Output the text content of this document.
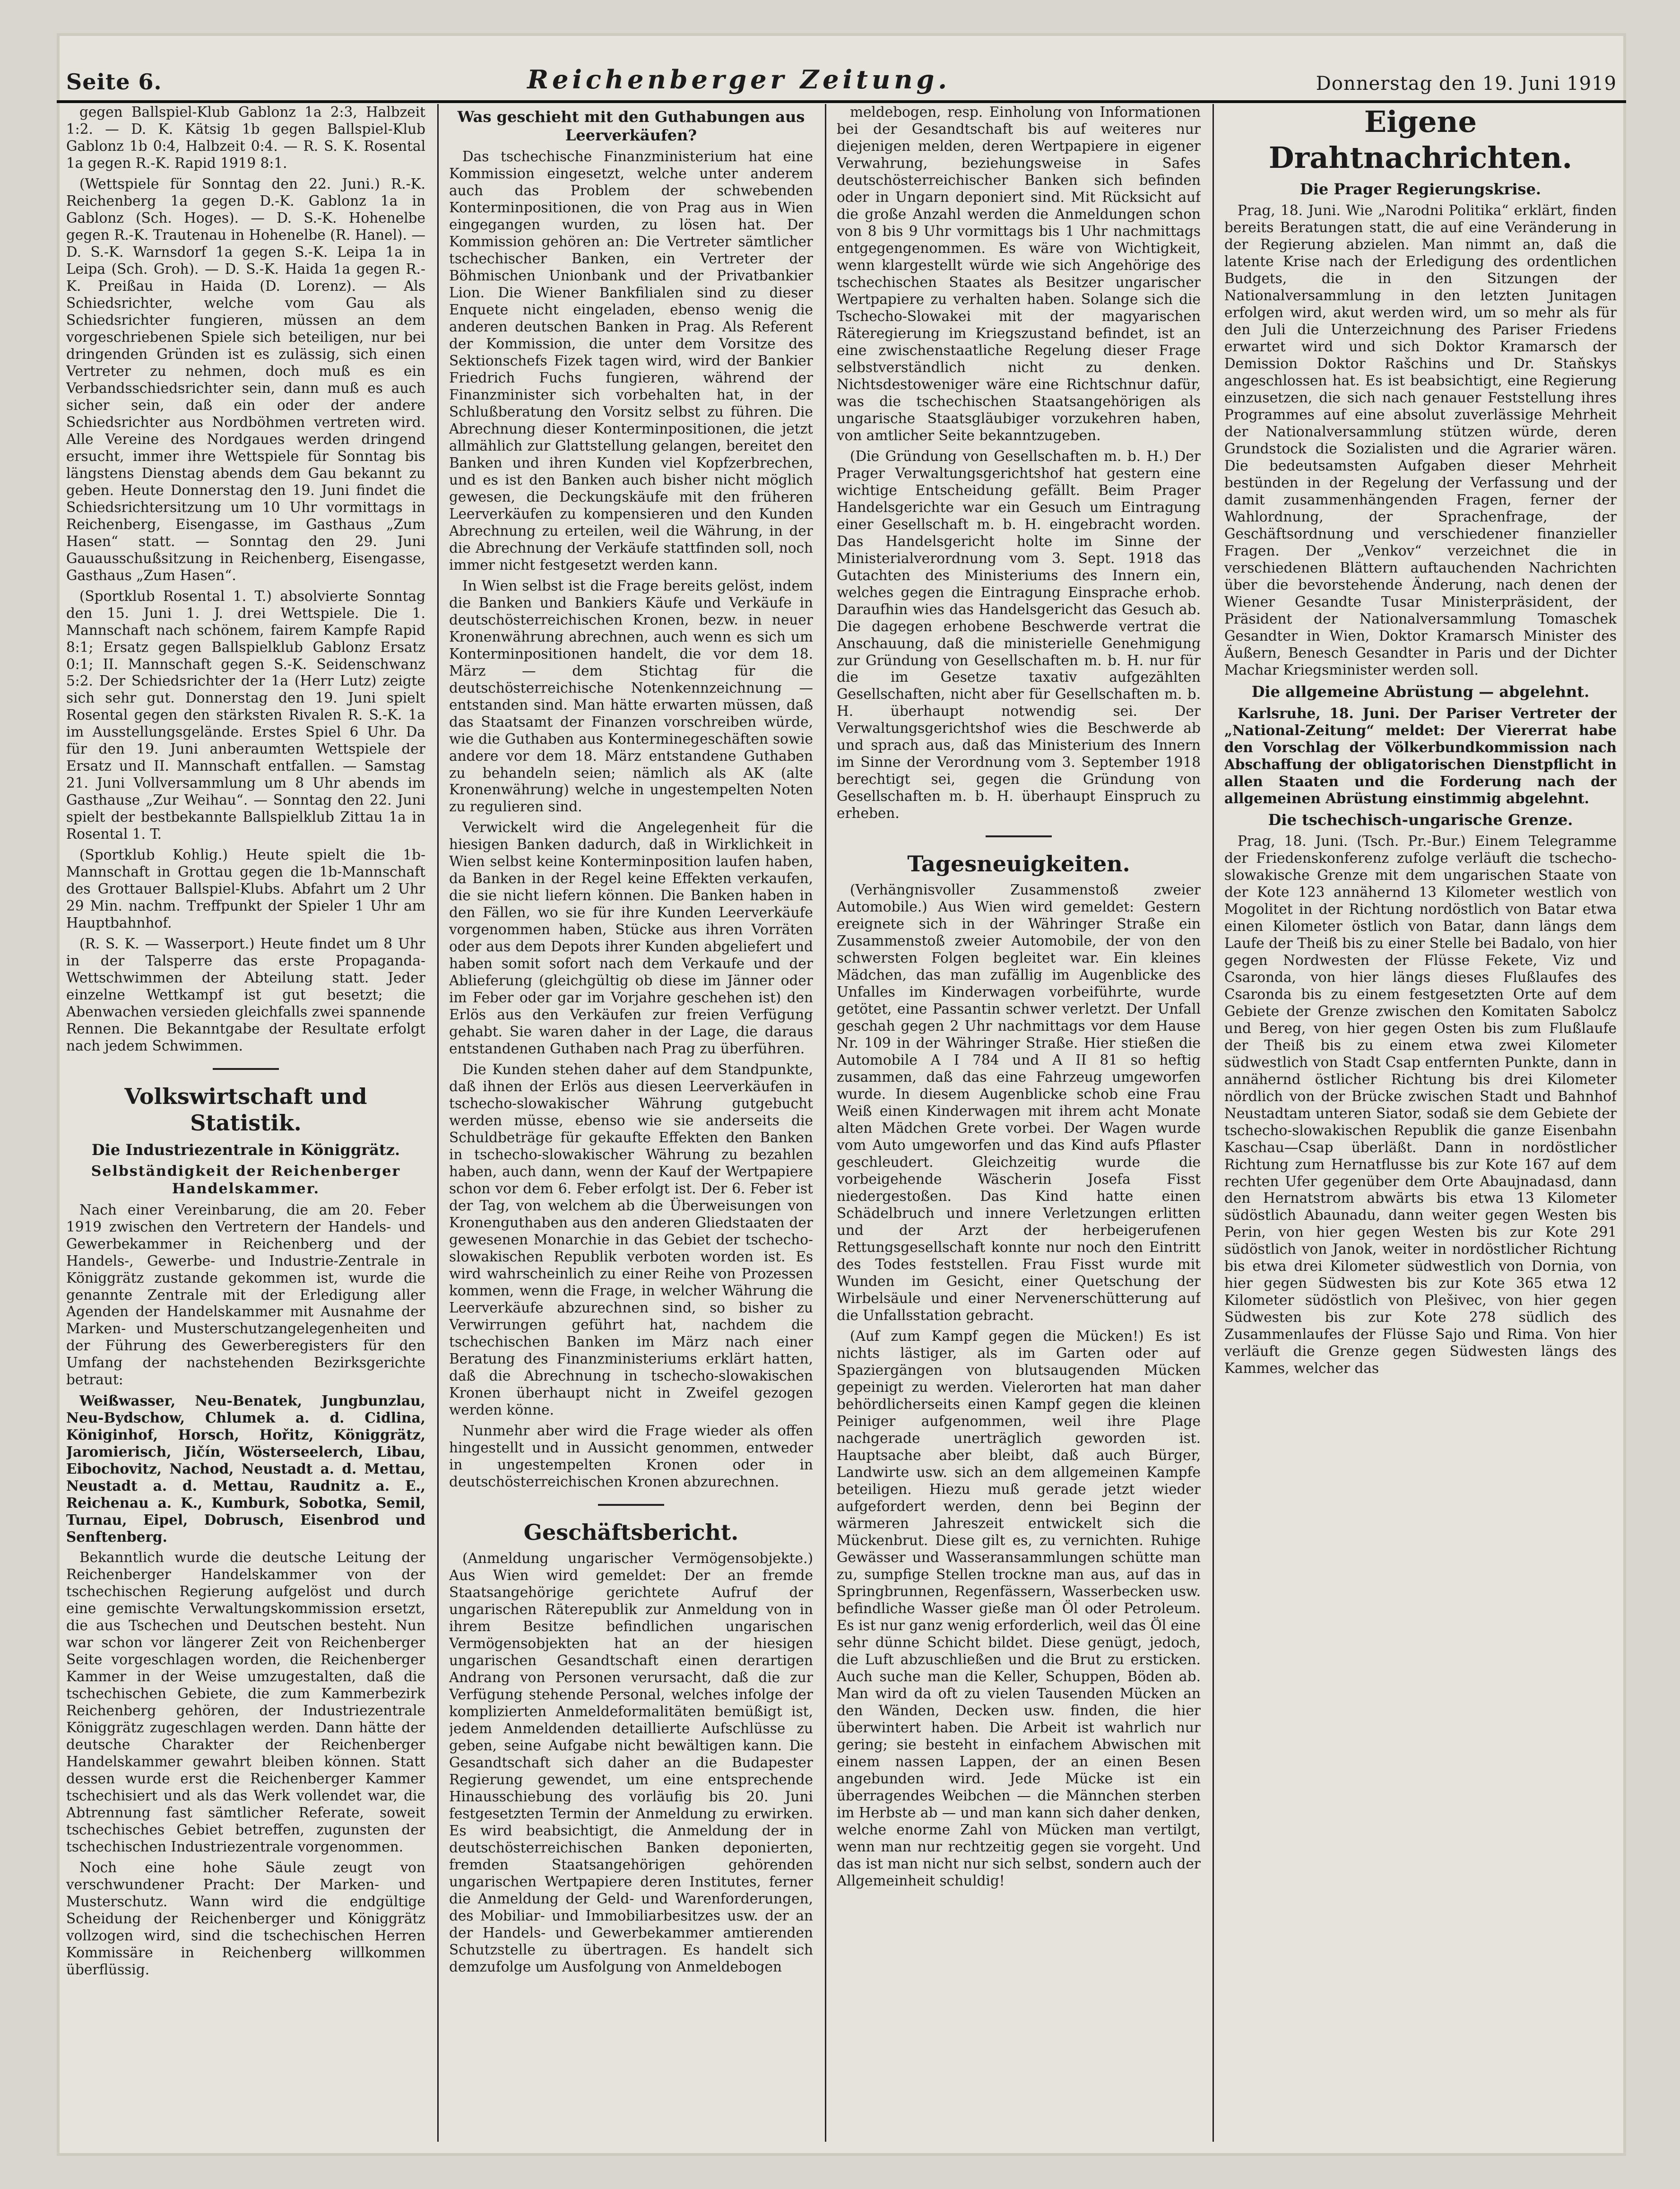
Seite 6.	Reichenberger Zeitung.	Donnerstag den 19. Juni 1919

gegen Ballspiel-Klub Gablonz 1a 2:3, Halbzeit 1:2. — D. K. Kätsig 1b gegen Ballspiel-Klub Gablonz 1b 0:4, Halbzeit 0:4. — R. S. K. Rosental 1a gegen R.-K. Rapid 1919 8:1.

(Wettspiele für Sonntag den 22. Juni.) R.-K. Reichenberg 1a gegen D.-K. Gablonz 1a in Gablonz (Sch. Hoges). — D. S.-K. Hohenelbe gegen R.-K. Trautenau in Hohenelbe (R. Hanel). — D. S.-K. Warnsdorf 1a gegen S.-K. Leipa 1a in Leipa (Sch. Groh). — D. S.-K. Haida 1a gegen R.-K. Preißau in Haida (D. Lorenz). — Als Schiedsrichter, welche vom Gau als Schiedsrichter fungieren, müssen an dem vorgeschriebenen Spiele sich beteiligen, nur bei dringenden Gründen ist es zulässig, sich einen Vertreter zu nehmen, doch muß es ein Verbandsschiedsrichter sein, dann muß es auch sicher sein, daß ein oder der andere Schiedsrichter aus Nordböhmen vertreten wird. Alle Vereine des Nordgaues werden dringend ersucht, immer ihre Wettspiele für Sonntag bis längstens Dienstag abends dem Gau bekannt zu geben. Heute Donnerstag den 19. Juni findet die Schiedsrichtersitzung um 10 Uhr vormittags in Reichenberg, Eisengasse, im Gasthaus „Zum Hasen“ statt. — Sonntag den 29. Juni Gauausschußsitzung in Reichenberg, Eisengasse, Gasthaus „Zum Hasen“.

(Sportklub Rosental 1. T.) absolvierte Sonntag den 15. Juni 1. J. drei Wettspiele. Die 1. Mannschaft nach schönem, fairem Kampfe Rapid 8:1; Ersatz gegen Ballspielklub Gablonz Ersatz 0:1; II. Mannschaft gegen S.-K. Seidenschwanz 5:2. Der Schiedsrichter der 1a (Herr Lutz) zeigte sich sehr gut. Donnerstag den 19. Juni spielt Rosental gegen den stärksten Rivalen R. S.-K. 1a im Ausstellungsgelände. Erstes Spiel 6 Uhr. Da für den 19. Juni anberaumten Wettspiele der Ersatz und II. Mannschaft entfallen. — Samstag 21. Juni Vollversammlung um 8 Uhr abends im Gasthause „Zur Weihau“. — Sonntag den 22. Juni spielt der bestbekannte Ballspielklub Zittau 1a in Rosental 1. T.

(Sportklub Kohlig.) Heute spielt die 1b-Mannschaft in Grottau gegen die 1b-Mannschaft des Grottauer Ballspiel-Klubs. Abfahrt um 2 Uhr 29 Min. nachm. Treffpunkt der Spieler 1 Uhr am Hauptbahnhof.

(R. S. K. — Wasserport.) Heute findet um 8 Uhr in der Talsperre das erste Propaganda-Wettschwimmen der Abteilung statt. Jeder einzelne Wettkampf ist gut besetzt; die Abenwachen versieden gleichfalls zwei spannende Rennen. Die Bekanntgabe der Resultate erfolgt nach jedem Schwimmen.

Volkswirtschaft und Statistik.
Die Industriezentrale in Königgrätz.
Selbständigkeit der Reichenberger Handelskammer.

Nach einer Vereinbarung, die am 20. Feber 1919 zwischen den Vertretern der Handels- und Gewerbekammer in Reichenberg und der Handels-, Gewerbe- und Industrie-Zentrale in Königgrätz zustande gekommen ist, wurde die genannte Zentrale mit der Erledigung aller Agenden der Handelskammer mit Ausnahme der Marken- und Musterschutzangelegenheiten und der Führung des Gewerberegisters für den Umfang der nachstehenden Bezirksgerichte betraut:

Weißwasser, Neu-Benatek, Jungbunzlau, Neu-Bydschow, Chlumek a. d. Cidlina, Königinhof, Horsch, Hořitz, Königgrätz, Jaromierisch, Jičín, Wösterseelerch, Libau, Eibochovitz, Nachod, Neustadt a. d. Mettau, Neustadt a. d. Mettau, Raudnitz a. E., Reichenau a. K., Kumburk, Sobotka, Semil, Turnau, Eipel, Dobrusch, Eisenbrod und Senftenberg.

Bekanntlich wurde die deutsche Leitung der Reichenberger Handelskammer von der tschechischen Regierung aufgelöst und durch eine gemischte Verwaltungskommission ersetzt, die aus Tschechen und Deutschen besteht. Nun war schon vor längerer Zeit von Reichenberger Seite vorgeschlagen worden, die Reichenberger Kammer in der Weise umzugestalten, daß die tschechischen Gebiete, die zum Kammerbezirk Reichenberg gehören, der Industriezentrale Königgrätz zugeschlagen werden. Dann hätte der deutsche Charakter der Reichenberger Handelskammer gewahrt bleiben können. Statt dessen wurde erst die Reichenberger Kammer tschechisiert und als das Werk vollendet war, die Abtrennung fast sämtlicher Referate, soweit tschechisches Gebiet betreffen, zugunsten der tschechischen Industriezentrale vorgenommen.

Noch eine hohe Säule zeugt von verschwundener Pracht: Der Marken- und Musterschutz. Wann wird die endgültige Scheidung der Reichenberger und Königgrätz vollzogen wird, sind die tschechischen Herren Kommissäre in Reichenberg willkommen überflüssig.

Was geschieht mit den Guthabungen aus Leerverkäufen?

Das tschechische Finanzministerium hat eine Kommission eingesetzt, welche unter anderem auch das Problem der schwebenden Konterminpositionen, die von Prag aus in Wien eingegangen wurden, zu lösen hat. Der Kommission gehören an: Die Vertreter sämtlicher tschechischer Banken, ein Vertreter der Böhmischen Unionbank und der Privatbankier Lion. Die Wiener Bankfilialen sind zu dieser Enquete nicht eingeladen, ebenso wenig die anderen deutschen Banken in Prag. Als Referent der Kommission, die unter dem Vorsitze des Sektionschefs Fizek tagen wird, wird der Bankier Friedrich Fuchs fungieren, während der Finanzminister sich vorbehalten hat, in der Schlußberatung den Vorsitz selbst zu führen. Die Abrechnung dieser Konterminpositionen, die jetzt allmählich zur Glattstellung gelangen, bereitet den Banken und ihren Kunden viel Kopfzerbrechen, und es ist den Banken auch bisher nicht möglich gewesen, die Deckungskäufe mit den früheren Leerverkäufen zu kompensieren und den Kunden Abrechnung zu erteilen, weil die Währung, in der die Abrechnung der Verkäufe stattfinden soll, noch immer nicht festgesetzt werden kann.

In Wien selbst ist die Frage bereits gelöst, indem die Banken und Bankiers Käufe und Verkäufe in deutschösterreichischen Kronen, bezw. in neuer Kronenwährung abrechnen, auch wenn es sich um Konterminpositionen handelt, die vor dem 18. März — dem Stichtag für die deutschösterreichische Notenkennzeichnung — entstanden sind. Man hätte erwarten müssen, daß das Staatsamt der Finanzen vorschreiben würde, wie die Guthaben aus Konterminegeschäften sowie andere vor dem 18. März entstandene Guthaben zu behandeln seien; nämlich als AK (alte Kronenwährung) welche in ungestempelten Noten zu regulieren sind.

Verwickelt wird die Angelegenheit für die hiesigen Banken dadurch, daß in Wirklichkeit in Wien selbst keine Konterminposition laufen haben, da Banken in der Regel keine Effekten verkaufen, die sie nicht liefern können. Die Banken haben in den Fällen, wo sie für ihre Kunden Leerverkäufe vorgenommen haben, Stücke aus ihren Vorräten oder aus dem Depots ihrer Kunden abgeliefert und haben somit sofort nach dem Verkaufe und der Ablieferung (gleichgültig ob diese im Jänner oder im Feber oder gar im Vorjahre geschehen ist) den Erlös aus den Verkäufen zur freien Verfügung gehabt. Sie waren daher in der Lage, die daraus entstandenen Guthaben nach Prag zu überführen.

Die Kunden stehen daher auf dem Standpunkte, daß ihnen der Erlös aus diesen Leerverkäufen in tschecho-slowakischer Währung gutgebucht werden müsse, ebenso wie sie anderseits die Schuldbeträge für gekaufte Effekten den Banken in tschecho-slowakischer Währung zu bezahlen haben, auch dann, wenn der Kauf der Wertpapiere schon vor dem 6. Feber erfolgt ist. Der 6. Feber ist der Tag, von welchem ab die Überweisungen von Kronenguthaben aus den anderen Gliedstaaten der gewesenen Monarchie in das Gebiet der tschecho-slowakischen Republik verboten worden ist. Es wird wahrscheinlich zu einer Reihe von Prozessen kommen, wenn die Frage, in welcher Währung die Leerverkäufe abzurechnen sind, so bisher zu Verwirrungen geführt hat, nachdem die tschechischen Banken im März nach einer Beratung des Finanzministeriums erklärt hatten, daß die Abrechnung in tschecho-slowakischen Kronen überhaupt nicht in Zweifel gezogen werden könne.

Nunmehr aber wird die Frage wieder als offen hingestellt und in Aussicht genommen, entweder in ungestempelten Kronen oder in deutschösterreichischen Kronen abzurechnen.

Geschäftsbericht.

(Anmeldung ungarischer Vermögensobjekte.) Aus Wien wird gemeldet: Der an fremde Staatsangehörige gerichtete Aufruf der ungarischen Räterepublik zur Anmeldung von in ihrem Besitze befindlichen ungarischen Vermögensobjekten hat an der hiesigen ungarischen Gesandtschaft einen derartigen Andrang von Personen verursacht, daß die zur Verfügung stehende Personal, welches infolge der komplizierten Anmeldeformalitäten bemüßigt ist, jedem Anmeldenden detaillierte Aufschlüsse zu geben, seine Aufgabe nicht bewältigen kann. Die Gesandtschaft sich daher an die Budapester Regierung gewendet, um eine entsprechende Hinausschiebung des vorläufig bis 20. Juni festgesetzten Termin der Anmeldung zu erwirken. Es wird beabsichtigt, die Anmeldung der in deutschösterreichischen Banken deponierten, fremden Staatsangehörigen gehörenden ungarischen Wertpapiere deren Institutes, ferner die Anmeldung der Geld- und Warenforderungen, des Mobiliar- und Immobiliarbesitzes usw. der an der Handels- und Gewerbekammer amtierenden Schutzstelle zu übertragen. Es handelt sich demzufolge um Ausfolgung von Anmeldebogen

meldebogen, resp. Einholung von Informationen bei der Gesandtschaft bis auf weiteres nur diejenigen melden, deren Wertpapiere in eigener Verwahrung, beziehungsweise in Safes deutschösterreichischer Banken sich befinden oder in Ungarn deponiert sind. Mit Rücksicht auf die große Anzahl werden die Anmeldungen schon von 8 bis 9 Uhr vormittags bis 1 Uhr nachmittags entgegengenommen. Es wäre von Wichtigkeit, wenn klargestellt würde wie sich Angehörige des tschechischen Staates als Besitzer ungarischer Wertpapiere zu verhalten haben. Solange sich die Tschecho-Slowakei mit der magyarischen Räteregierung im Kriegszustand befindet, ist an eine zwischenstaatliche Regelung dieser Frage selbstverständlich nicht zu denken. Nichtsdestoweniger wäre eine Richtschnur dafür, was die tschechischen Staatsangehörigen als ungarische Staatsgläubiger vorzukehren haben, von amtlicher Seite bekanntzugeben.

(Die Gründung von Gesellschaften m. b. H.) Der Prager Verwaltungsgerichtshof hat gestern eine wichtige Entscheidung gefällt. Beim Prager Handelsgerichte war ein Gesuch um Eintragung einer Gesellschaft m. b. H. eingebracht worden. Das Handelsgericht holte im Sinne der Ministerialverordnung vom 3. Sept. 1918 das Gutachten des Ministeriums des Innern ein, welches gegen die Eintragung Einsprache erhob. Daraufhin wies das Handelsgericht das Gesuch ab. Die dagegen erhobene Beschwerde vertrat die Anschauung, daß die ministerielle Genehmigung zur Gründung von Gesellschaften m. b. H. nur für die im Gesetze taxativ aufgezählten Gesellschaften, nicht aber für Gesellschaften m. b. H. überhaupt notwendig sei. Der Verwaltungsgerichtshof wies die Beschwerde ab und sprach aus, daß das Ministerium des Innern im Sinne der Verordnung vom 3. September 1918 berechtigt sei, gegen die Gründung von Gesellschaften m. b. H. überhaupt Einspruch zu erheben.

Tagesneuigkeiten.

(Verhängnisvoller Zusammenstoß zweier Automobile.) Aus Wien wird gemeldet: Gestern ereignete sich in der Währinger Straße ein Zusammenstoß zweier Automobile, der von den schwersten Folgen begleitet war. Ein kleines Mädchen, das man zufällig im Augenblicke des Unfalles im Kinderwagen vorbeiführte, wurde getötet, eine Passantin schwer verletzt. Der Unfall geschah gegen 2 Uhr nachmittags vor dem Hause Nr. 109 in der Währinger Straße. Hier stießen die Automobile A I 784 und A II 81 so heftig zusammen, daß das eine Fahrzeug umgeworfen wurde. In diesem Augenblicke schob eine Frau Weiß einen Kinderwagen mit ihrem acht Monate alten Mädchen Grete vorbei. Der Wagen wurde vom Auto umgeworfen und das Kind aufs Pflaster geschleudert. Gleichzeitig wurde die vorbeigehende Wäscherin Josefa Fisst niedergestoßen. Das Kind hatte einen Schädelbruch und innere Verletzungen erlitten und der Arzt der herbeigerufenen Rettungsgesellschaft konnte nur noch den Eintritt des Todes feststellen. Frau Fisst wurde mit Wunden im Gesicht, einer Quetschung der Wirbelsäule und einer Nervenerschütterung auf die Unfallsstation gebracht.

(Auf zum Kampf gegen die Mücken!) Es ist nichts lästiger, als im Garten oder auf Spaziergängen von blutsaugenden Mücken gepeinigt zu werden. Vielerorten hat man daher behördlicherseits einen Kampf gegen die kleinen Peiniger aufgenommen, weil ihre Plage nachgerade unerträglich geworden ist. Hauptsache aber bleibt, daß auch Bürger, Landwirte usw. sich an dem allgemeinen Kampfe beteiligen. Hiezu muß gerade jetzt wieder aufgefordert werden, denn bei Beginn der wärmeren Jahreszeit entwickelt sich die Mückenbrut. Diese gilt es, zu vernichten. Ruhige Gewässer und Wasseransammlungen schütte man zu, sumpfige Stellen trockne man aus, auf das in Springbrunnen, Regenfässern, Wasserbecken usw. befindliche Wasser gieße man Öl oder Petroleum. Es ist nur ganz wenig erforderlich, weil das Öl eine sehr dünne Schicht bildet. Diese genügt, jedoch, die Luft abzuschließen und die Brut zu ersticken. Auch suche man die Keller, Schuppen, Böden ab. Man wird da oft zu vielen Tausenden Mücken an den Wänden, Decken usw. finden, die hier überwintert haben. Die Arbeit ist wahrlich nur gering; sie besteht in einfachem Abwischen mit einem nassen Lappen, der an einen Besen angebunden wird. Jede Mücke ist ein überragendes Weibchen — die Männchen sterben im Herbste ab — und man kann sich daher denken, welche enorme Zahl von Mücken man vertilgt, wenn man nur rechtzeitig gegen sie vorgeht. Und das ist man nicht nur sich selbst, sondern auch der Allgemeinheit schuldig!

Eigene Drahtnachrichten.
Die Prager Regierungskrise.

Prag, 18. Juni. Wie „Narodni Politika“ erklärt, finden bereits Beratungen statt, die auf eine Veränderung in der Regierung abzielen. Man nimmt an, daß die latente Krise nach der Erledigung des ordentlichen Budgets, die in den Sitzungen der Nationalversammlung in den letzten Junitagen erfolgen wird, akut werden wird, um so mehr als für den Juli die Unterzeichnung des Pariser Friedens erwartet wird und sich Doktor Kramarsch der Demission Doktor Rašchins und Dr. Staňskys angeschlossen hat. Es ist beabsichtigt, eine Regierung einzusetzen, die sich nach genauer Feststellung ihres Programmes auf eine absolut zuverlässige Mehrheit der Nationalversammlung stützen würde, deren Grundstock die Sozialisten und die Agrarier wären. Die bedeutsamsten Aufgaben dieser Mehrheit bestünden in der Regelung der Verfassung und der damit zusammenhängenden Fragen, ferner der Wahlordnung, der Sprachenfrage, der Geschäftsordnung und verschiedener finanzieller Fragen. Der „Venkov“ verzeichnet die in verschiedenen Blättern auftauchenden Nachrichten über die bevorstehende Änderung, nach denen der Wiener Gesandte Tusar Ministerpräsident, der Präsident der Nationalversammlung Tomaschek Gesandter in Wien, Doktor Kramarsch Minister des Äußern, Benesch Gesandter in Paris und der Dichter Machar Kriegsminister werden soll.

Die allgemeine Abrüstung — abgelehnt.

Karlsruhe, 18. Juni. Der Pariser Vertreter der „National-Zeitung“ meldet: Der Viererrat habe den Vorschlag der Völkerbundkommission nach Abschaffung der obligatorischen Dienstpflicht in allen Staaten und die Forderung nach der allgemeinen Abrüstung einstimmig abgelehnt.

Die tschechisch-ungarische Grenze.

Prag, 18. Juni. (Tsch. Pr.-Bur.) Einem Telegramme der Friedenskonferenz zufolge verläuft die tschecho-slowakische Grenze mit dem ungarischen Staate von der Kote 123 annähernd 13 Kilometer westlich von Mogolitet in der Richtung nordöstlich von Batar etwa einen Kilometer östlich von Batar, dann längs dem Laufe der Theiß bis zu einer Stelle bei Badalo, von hier gegen Nordwesten der Flüsse Fekete, Viz und Csaronda, von hier längs dieses Flußlaufes des Csaronda bis zu einem festgesetzten Orte auf dem Gebiete der Grenze zwischen den Komitaten Sabolcz und Bereg, von hier gegen Osten bis zum Flußlaufe der Theiß bis zu einem etwa zwei Kilometer südwestlich von Stadt Csap entfernten Punkte, dann in annähernd östlicher Richtung bis drei Kilometer nördlich von der Brücke zwischen Stadt und Bahnhof Neustadtam unteren Siator, sodaß sie dem Gebiete der tschecho-slowakischen Republik die ganze Eisenbahn Kaschau—Csap überläßt. Dann in nordöstlicher Richtung zum Hernatflusse bis zur Kote 167 auf dem rechten Ufer gegenüber dem Orte Abaujnadasd, dann den Hernatstrom abwärts bis etwa 13 Kilometer südöstlich Abaunadu, dann weiter gegen Westen bis Perin, von hier gegen Westen bis zur Kote 291 südöstlich von Janok, weiter in nordöstlicher Richtung bis etwa drei Kilometer südwestlich von Dornia, von hier gegen Südwesten bis zur Kote 365 etwa 12 Kilometer südöstlich von Plešivec, von hier gegen Südwesten bis zur Kote 278 südlich des Zusammenlaufes der Flüsse Sajo und Rima. Von hier verläuft die Grenze gegen Südwesten längs des Kammes, welcher das
